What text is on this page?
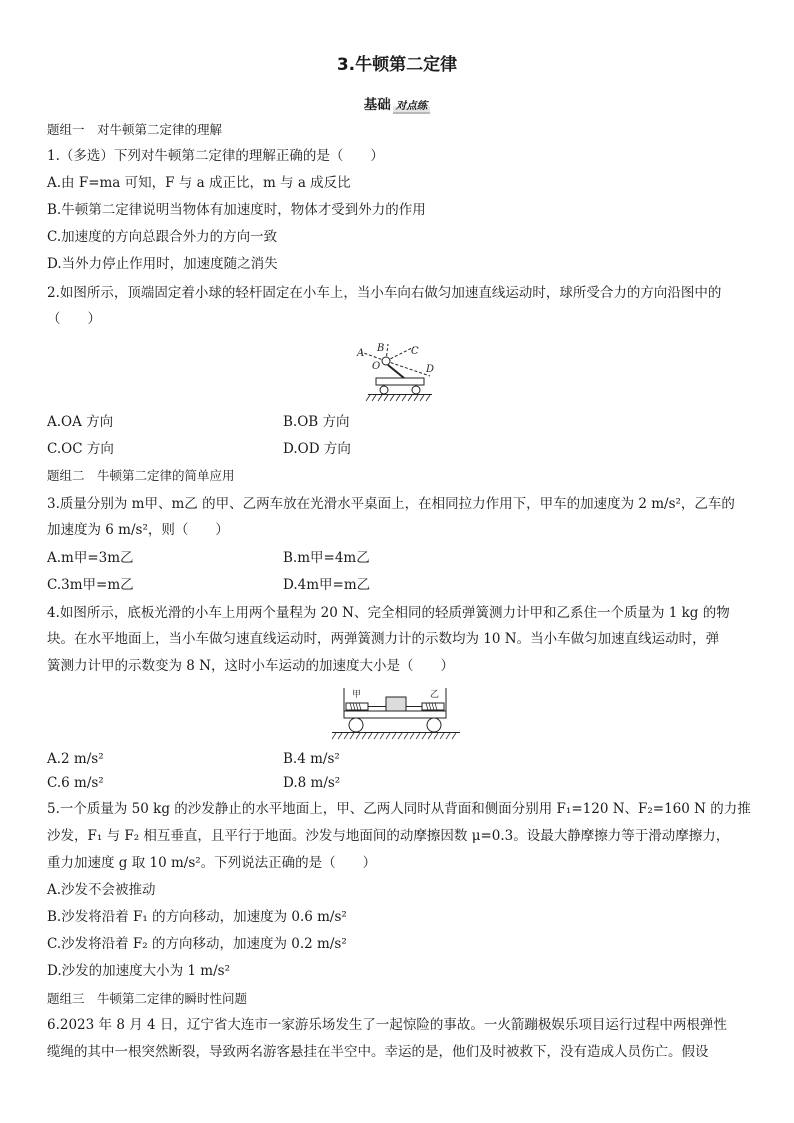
3.牛顿第二定律
基础 对点练
题组一　对牛顿第二定律的理解
1.（多选）下列对牛顿第二定律的理解正确的是（　　）
A.由 F=ma 可知，F 与 a 成正比，m 与 a 成反比
B.牛顿第二定律说明当物体有加速度时，物体才受到外力的作用
C.加速度的方向总跟合外力的方向一致
D.当外力停止作用时，加速度随之消失
2.如图所示，顶端固定着小球的轻杆固定在小车上，当小车向右做匀加速直线运动时，球所受合力的方向沿图中的
（　　）
A B	C
O	D
A.OA 方向	B.OB 方向
C.OC 方向	D.OD 方向
题组二　牛顿第二定律的简单应用
3.质量分别为 m甲、m乙 的甲、乙两车放在光滑水平桌面上，在相同拉力作用下，甲车的加速度为 2 m/s²，乙车的
加速度为 6 m/s²，则（　　）
A.m甲=3m乙	B.m甲=4m乙
C.3m甲=m乙	D.4m甲=m乙
4.如图所示，底板光滑的小车上用两个量程为 20 N、完全相同的轻质弹簧测力计甲和乙系住一个质量为 1 kg 的物
块。在水平地面上，当小车做匀速直线运动时，两弹簧测力计的示数均为 10 N。当小车做匀加速直线运动时，弹
簧测力计甲的示数变为 8 N，这时小车运动的加速度大小是（　　）
甲	乙
A.2 m/s²	B.4 m/s²
C.6 m/s²	D.8 m/s²
5.一个质量为 50 kg 的沙发静止的水平地面上，甲、乙两人同时从背面和侧面分别用 F₁=120 N、F₂=160 N 的力推
沙发，F₁ 与 F₂ 相互垂直，且平行于地面。沙发与地面间的动摩擦因数 μ=0.3。设最大静摩擦力等于滑动摩擦力，
重力加速度 g 取 10 m/s²。下列说法正确的是（　　）
A.沙发不会被推动
B.沙发将沿着 F₁ 的方向移动，加速度为 0.6 m/s²
C.沙发将沿着 F₂ 的方向移动，加速度为 0.2 m/s²
D.沙发的加速度大小为 1 m/s²
题组三　牛顿第二定律的瞬时性问题
6.2023 年 8 月 4 日，辽宁省大连市一家游乐场发生了一起惊险的事故。一火箭蹦极娱乐项目运行过程中两根弹性
缆绳的其中一根突然断裂，导致两名游客悬挂在半空中。幸运的是，他们及时被救下，没有造成人员伤亡。假设
